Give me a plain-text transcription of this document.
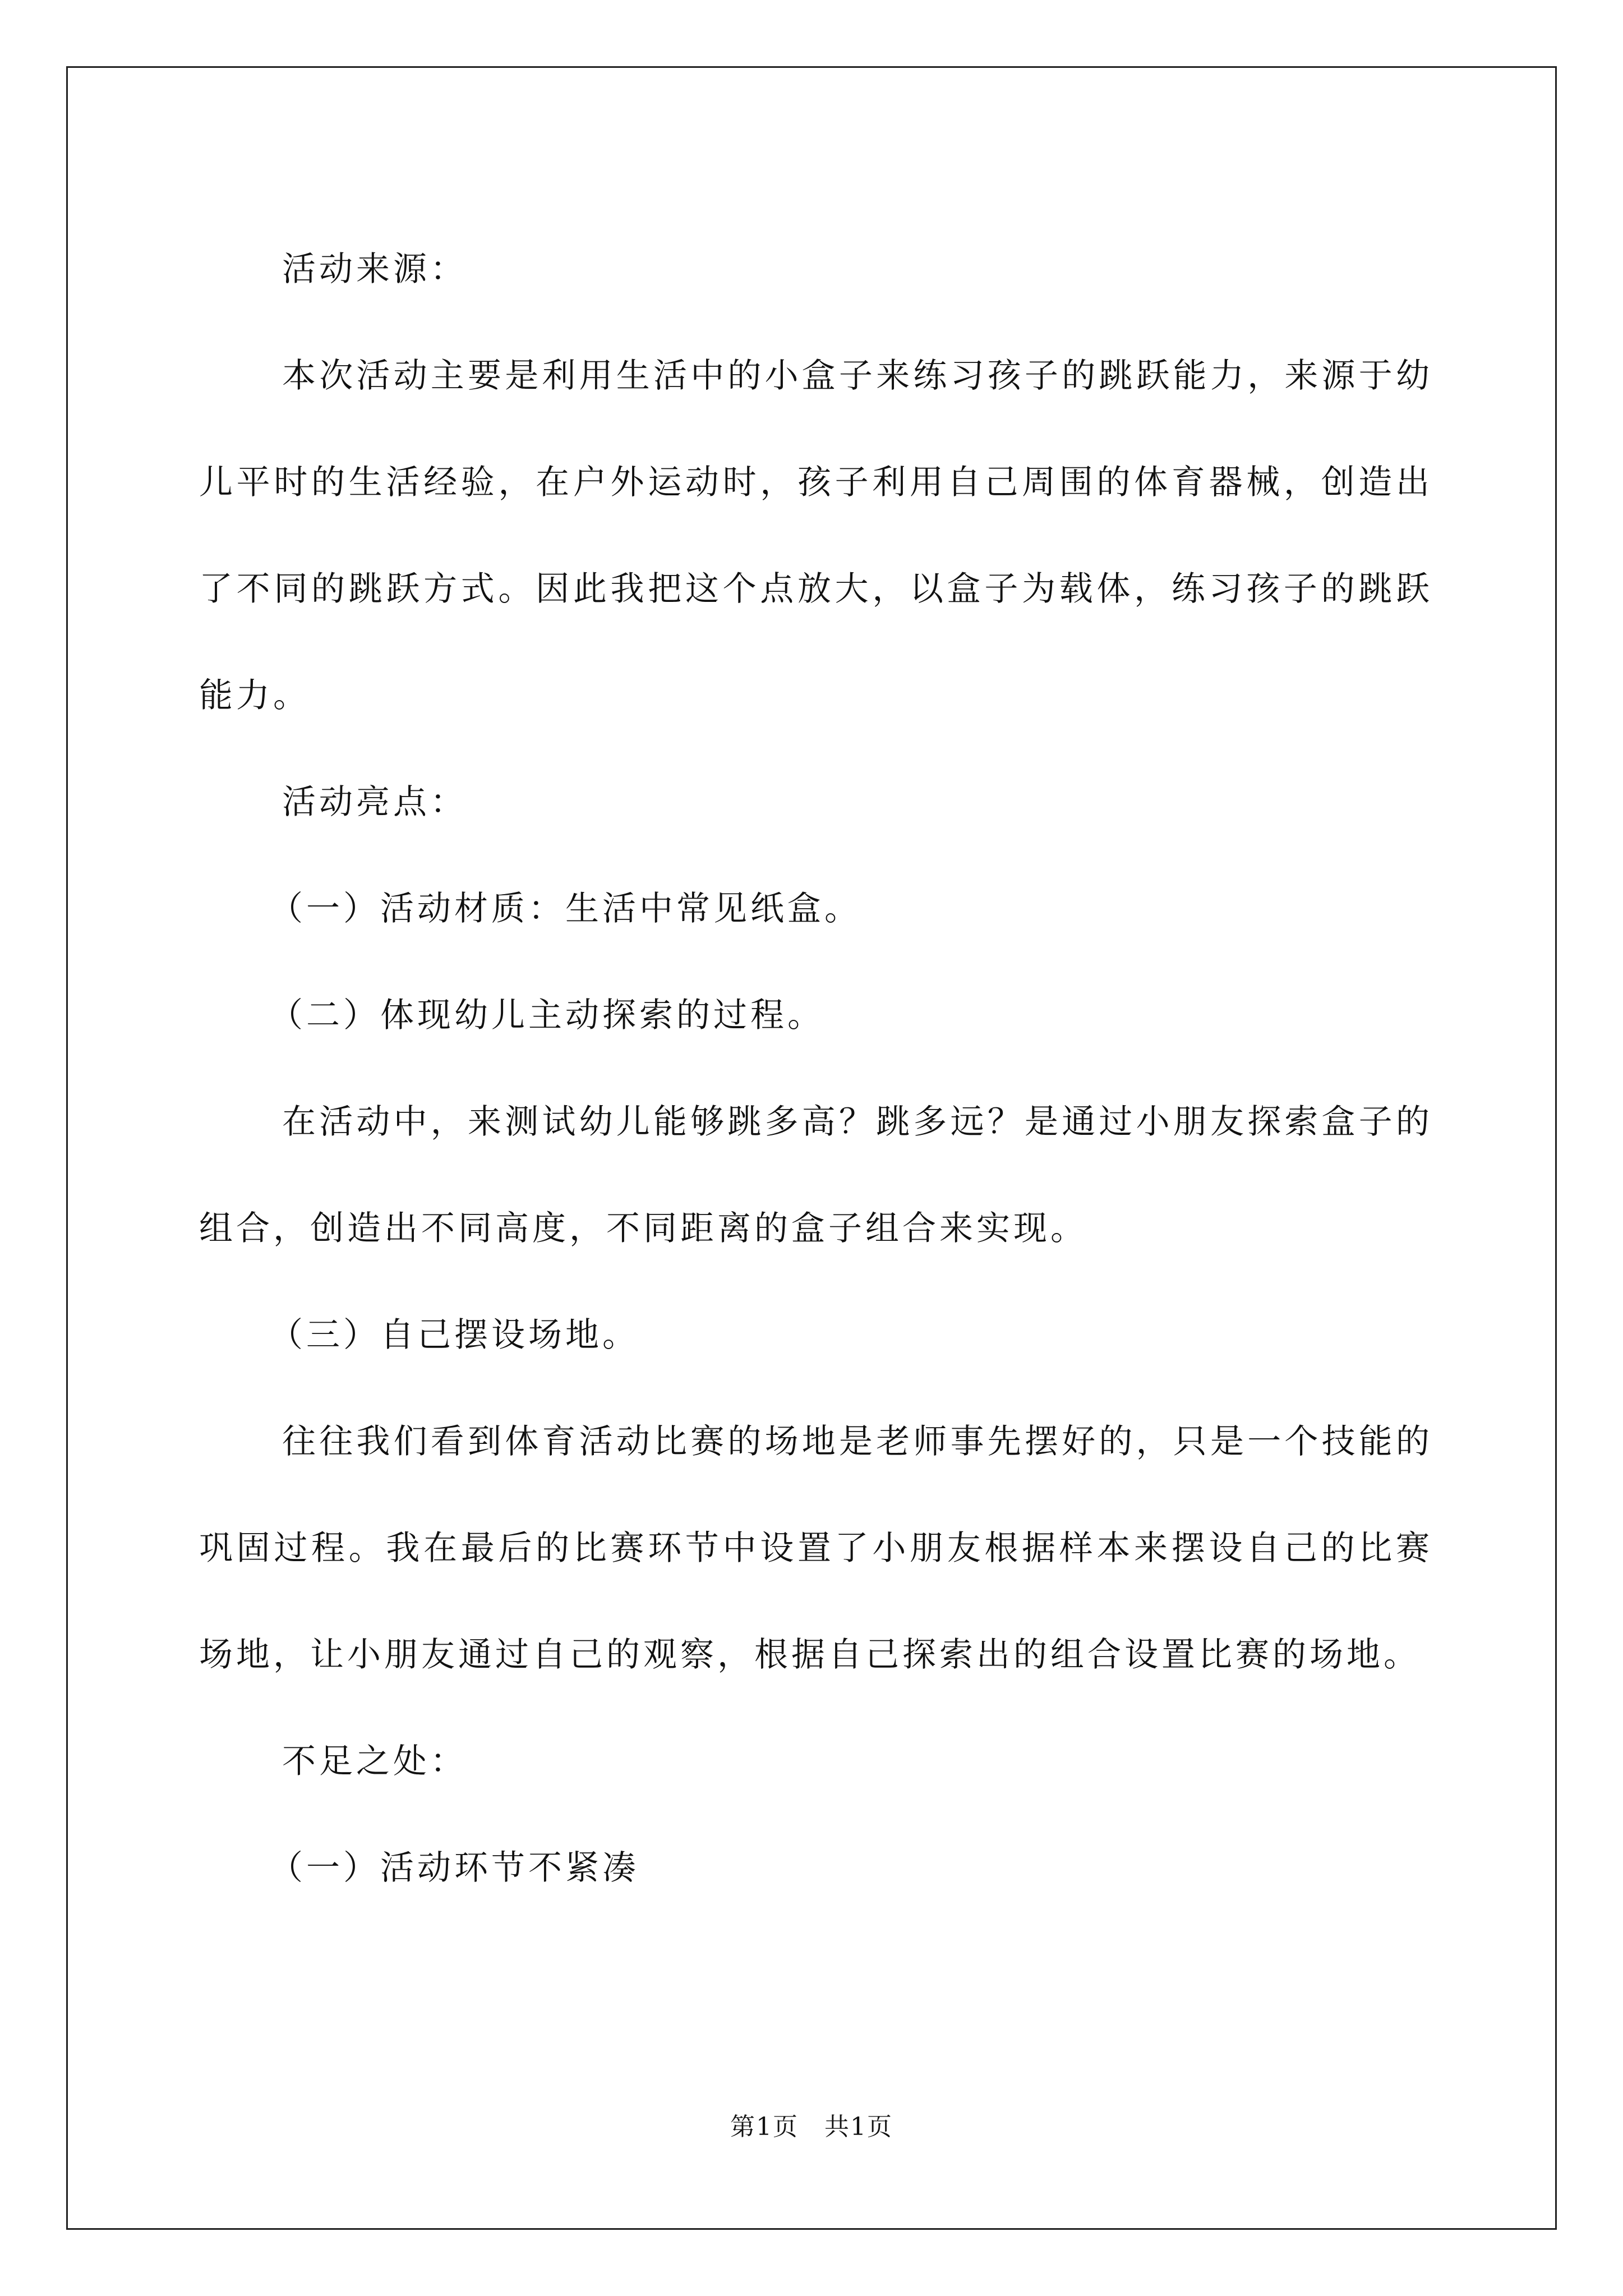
活动来源：

本次活动主要是利用生活中的小盒子来练习孩子的跳跃能力，来源于幼儿平时的生活经验，在户外运动时，孩子利用自己周围的体育器械，创造出了不同的跳跃方式。因此我把这个点放大，以盒子为载体，练习孩子的跳跃能力。

活动亮点：

（一）活动材质：生活中常见纸盒。

（二）体现幼儿主动探索的过程。

在活动中，来测试幼儿能够跳多高？跳多远？是通过小朋友探索盒子的组合，创造出不同高度，不同距离的盒子组合来实现。

（三）自己摆设场地。

往往我们看到体育活动比赛的场地是老师事先摆好的，只是一个技能的巩固过程。我在最后的比赛环节中设置了小朋友根据样本来摆设自己的比赛场地，让小朋友通过自己的观察，根据自己探索出的组合设置比赛的场地。

不足之处：

（一）活动环节不紧凑

第1页 共1页
